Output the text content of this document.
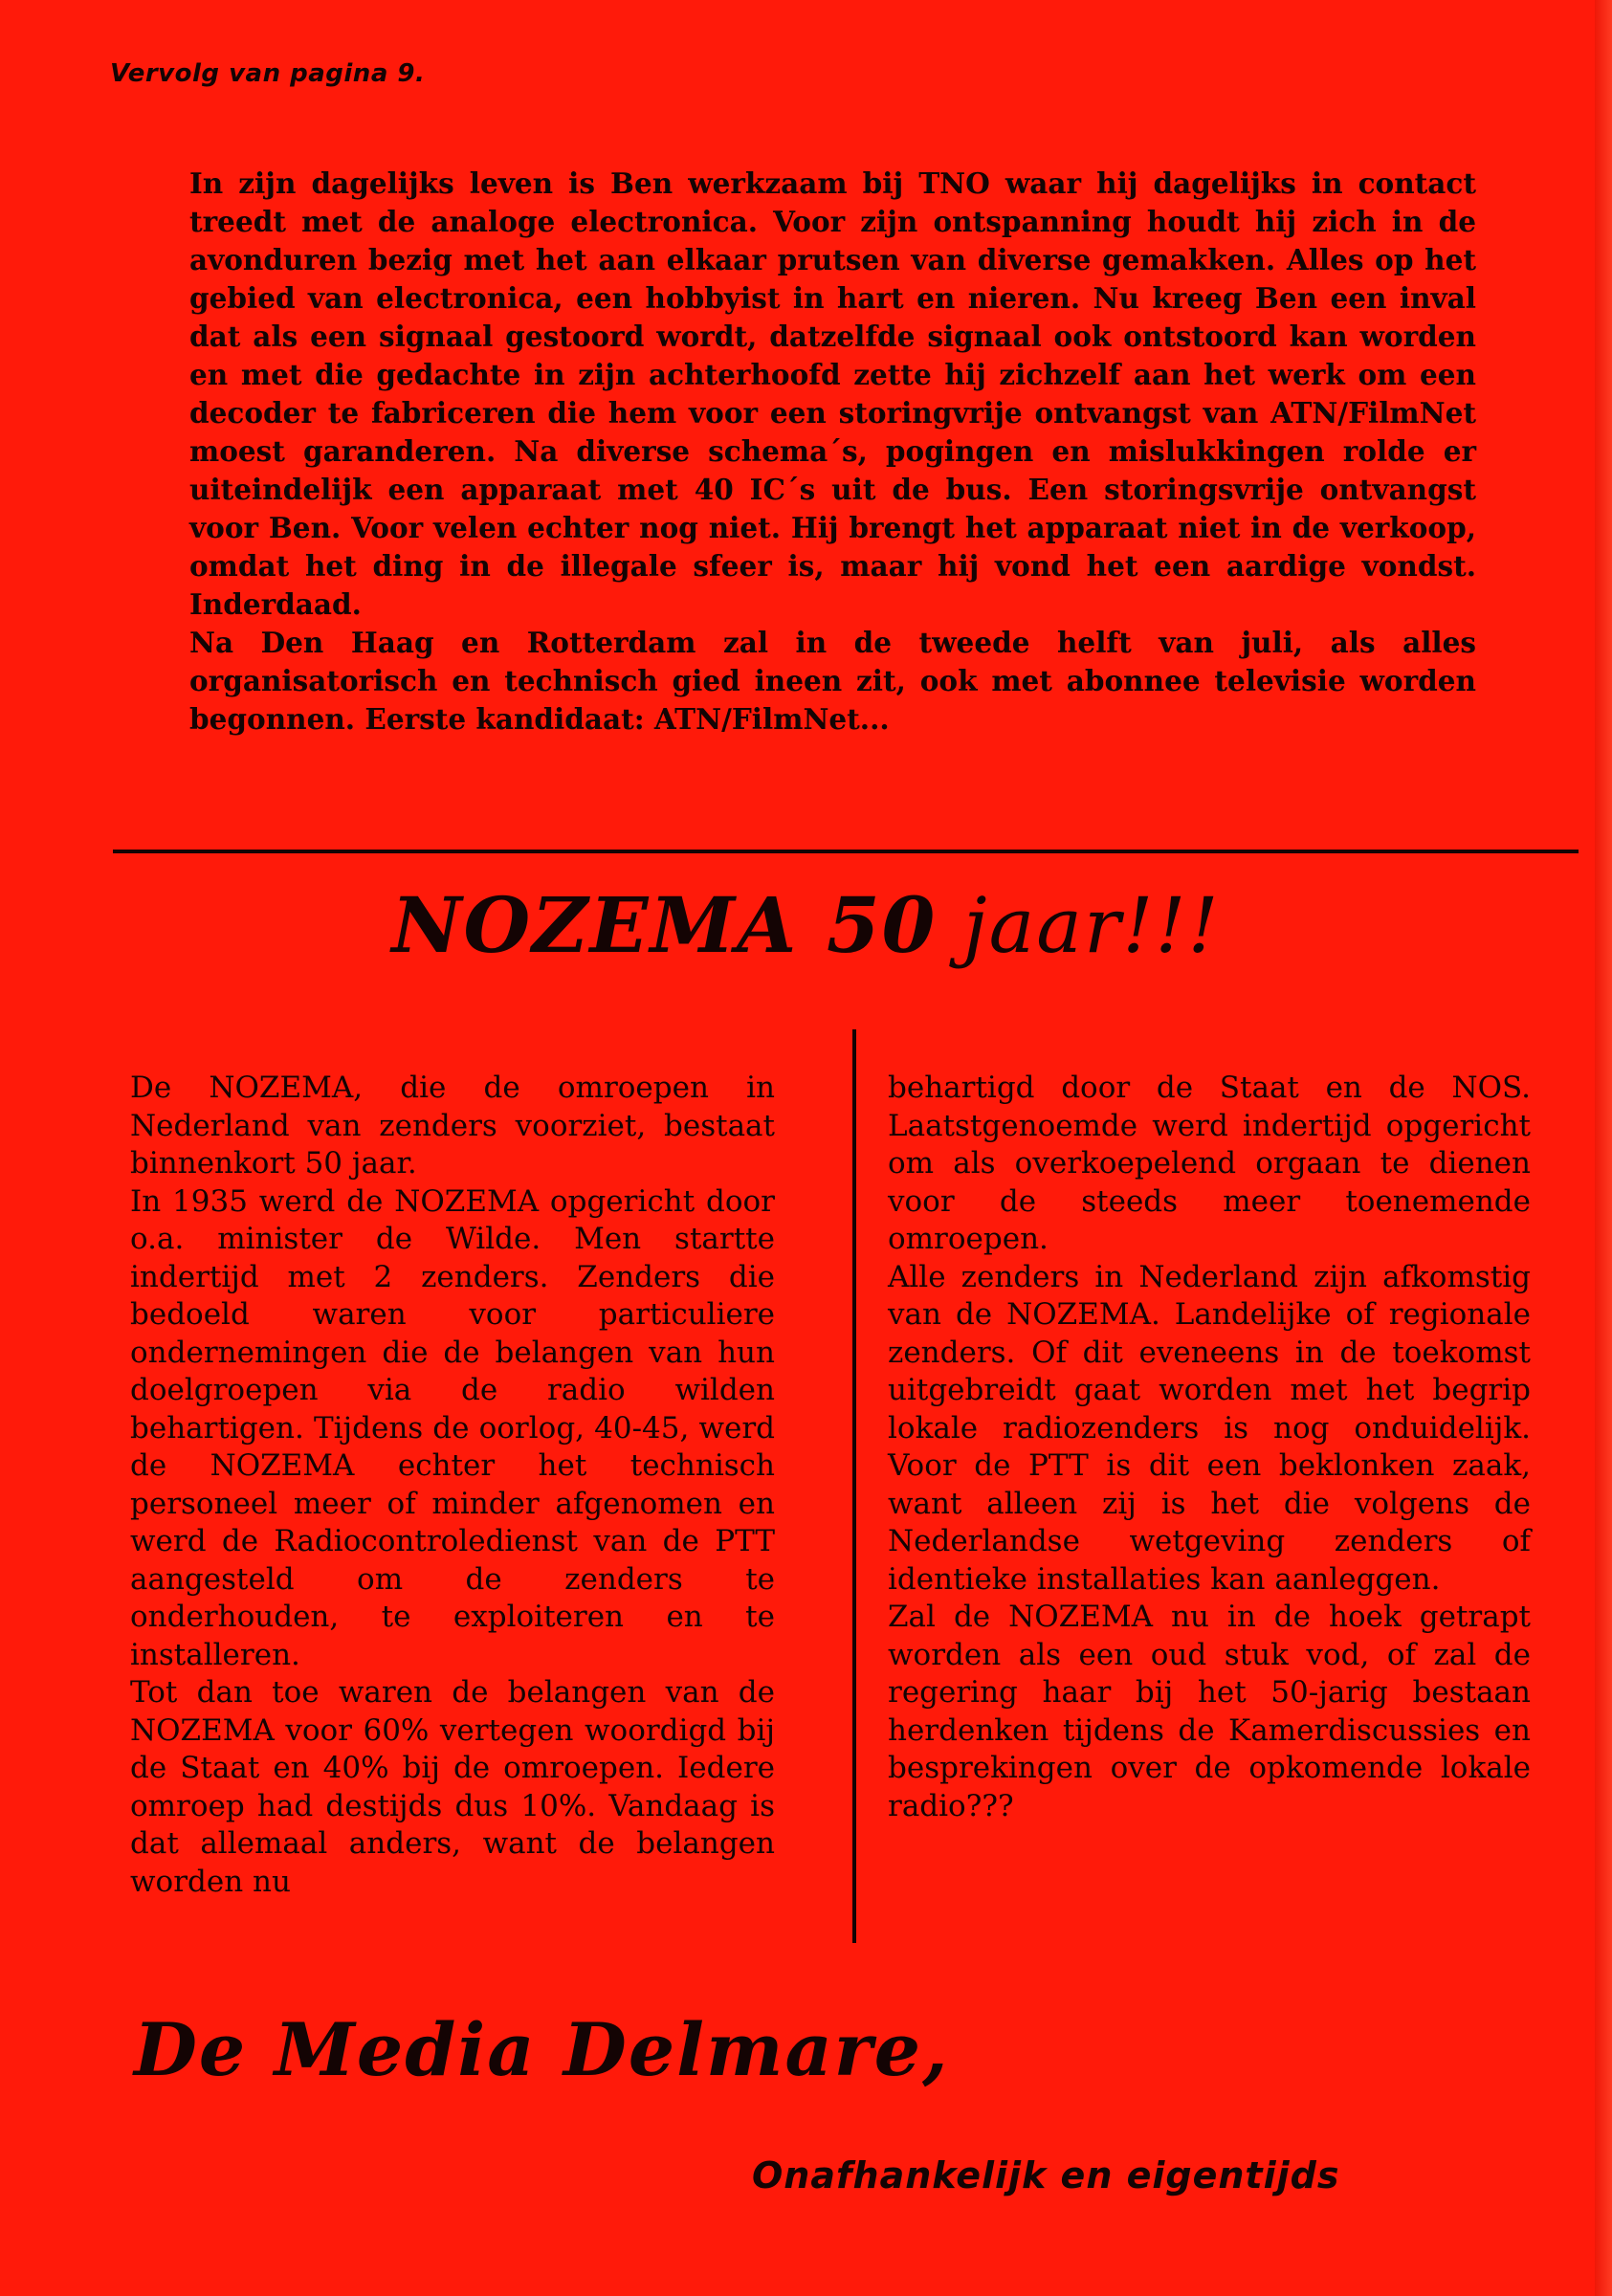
Vervolg van pagina 9.

In zijn dagelijks leven is Ben werkzaam bij TNO waar hij dagelijks in contact treedt met de analoge electronica. Voor zijn ontspanning houdt hij zich in de avonduren bezig met het aan elkaar prutsen van diverse gemakken. Alles op het gebied van electronica, een hobbyist in hart en nieren. Nu kreeg Ben een inval dat als een signaal gestoord wordt, datzelfde signaal ook ontstoord kan worden en met die gedachte in zijn achterhoofd zette hij zichzelf aan het werk om een decoder te fabriceren die hem voor een storingvrije ontvangst van ATN/FilmNet moest garanderen. Na diverse schema´s, pogingen en mislukkingen rolde er uiteindelijk een apparaat met 40 IC´s uit de bus. Een storingsvrije ontvangst voor Ben. Voor velen echter nog niet. Hij brengt het apparaat niet in de verkoop, omdat het ding in de illegale sfeer is, maar hij vond het een aardige vondst. Inderdaad.

Na Den Haag en Rotterdam zal in de tweede helft van juli, als alles organisatorisch en technisch gied ineen zit, ook met abonnee televisie worden begonnen. Eerste kandidaat: ATN/FilmNet...

NOZEMA 50 jaar!!!

De NOZEMA, die de omroepen in Nederland van zenders voorziet, bestaat binnenkort 50 jaar.

In 1935 werd de NOZEMA opgericht door o.a. minister de Wilde. Men startte indertijd met 2 zenders. Zenders die bedoeld waren voor particuliere ondernemingen die de belangen van hun doelgroepen via de radio wilden behartigen. Tijdens de oorlog, 40-45, werd de NOZEMA echter het technisch personeel meer of minder afgenomen en werd de Radiocontroledienst van de PTT aangesteld om de zenders te onderhouden, te exploiteren en te installeren.

Tot dan toe waren de belangen van de NOZEMA voor 60% vertegen woordigd bij de Staat en 40% bij de omroepen. Iedere omroep had destijds dus 10%. Vandaag is dat allemaal anders, want de belangen worden nu

behartigd door de Staat en de NOS. Laatstgenoemde werd indertijd opgericht om als overkoepelend orgaan te dienen voor de steeds meer toenemende omroepen.

Alle zenders in Nederland zijn afkomstig van de NOZEMA. Landelijke of regionale zenders. Of dit eveneens in de toekomst uitgebreidt gaat worden met het begrip lokale radiozenders is nog onduidelijk. Voor de PTT is dit een beklonken zaak, want alleen zij is het die volgens de Nederlandse wetgeving zenders of identieke installaties kan aanleggen.

Zal de NOZEMA nu in de hoek getrapt worden als een oud stuk vod, of zal de regering haar bij het 50-jarig bestaan herdenken tijdens de Kamerdiscussies en besprekingen over de opkomende lokale radio???

De Media Delmare,
Onafhankelijk en eigentijds
